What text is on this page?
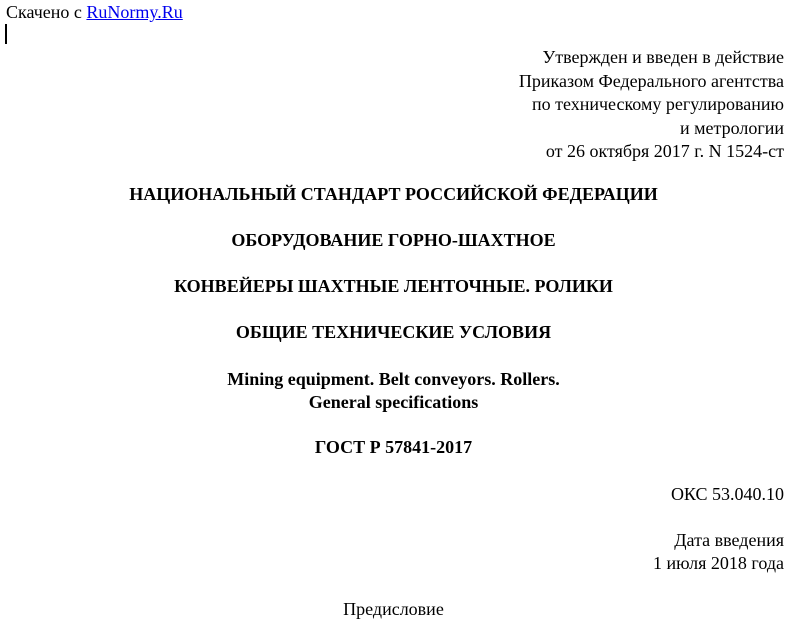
Скачено с RuNormy.Ru
Утвержден и введен в действие
Приказом Федерального агентства
по техническому регулированию
и метрологии
от 26 октября 2017 г. N 1524-ст
НАЦИОНАЛЬНЫЙ СТАНДАРТ РОССИЙСКОЙ ФЕДЕРАЦИИ
ОБОРУДОВАНИЕ ГОРНО-ШАХТНОЕ
КОНВЕЙЕРЫ ШАХТНЫЕ ЛЕНТОЧНЫЕ. РОЛИКИ
ОБЩИЕ ТЕХНИЧЕСКИЕ УСЛОВИЯ
Mining equipment. Belt conveyors. Rollers.
General specifications
ГОСТ Р 57841-2017
ОКС 53.040.10
Дата введения
1 июля 2018 года
Предисловие
